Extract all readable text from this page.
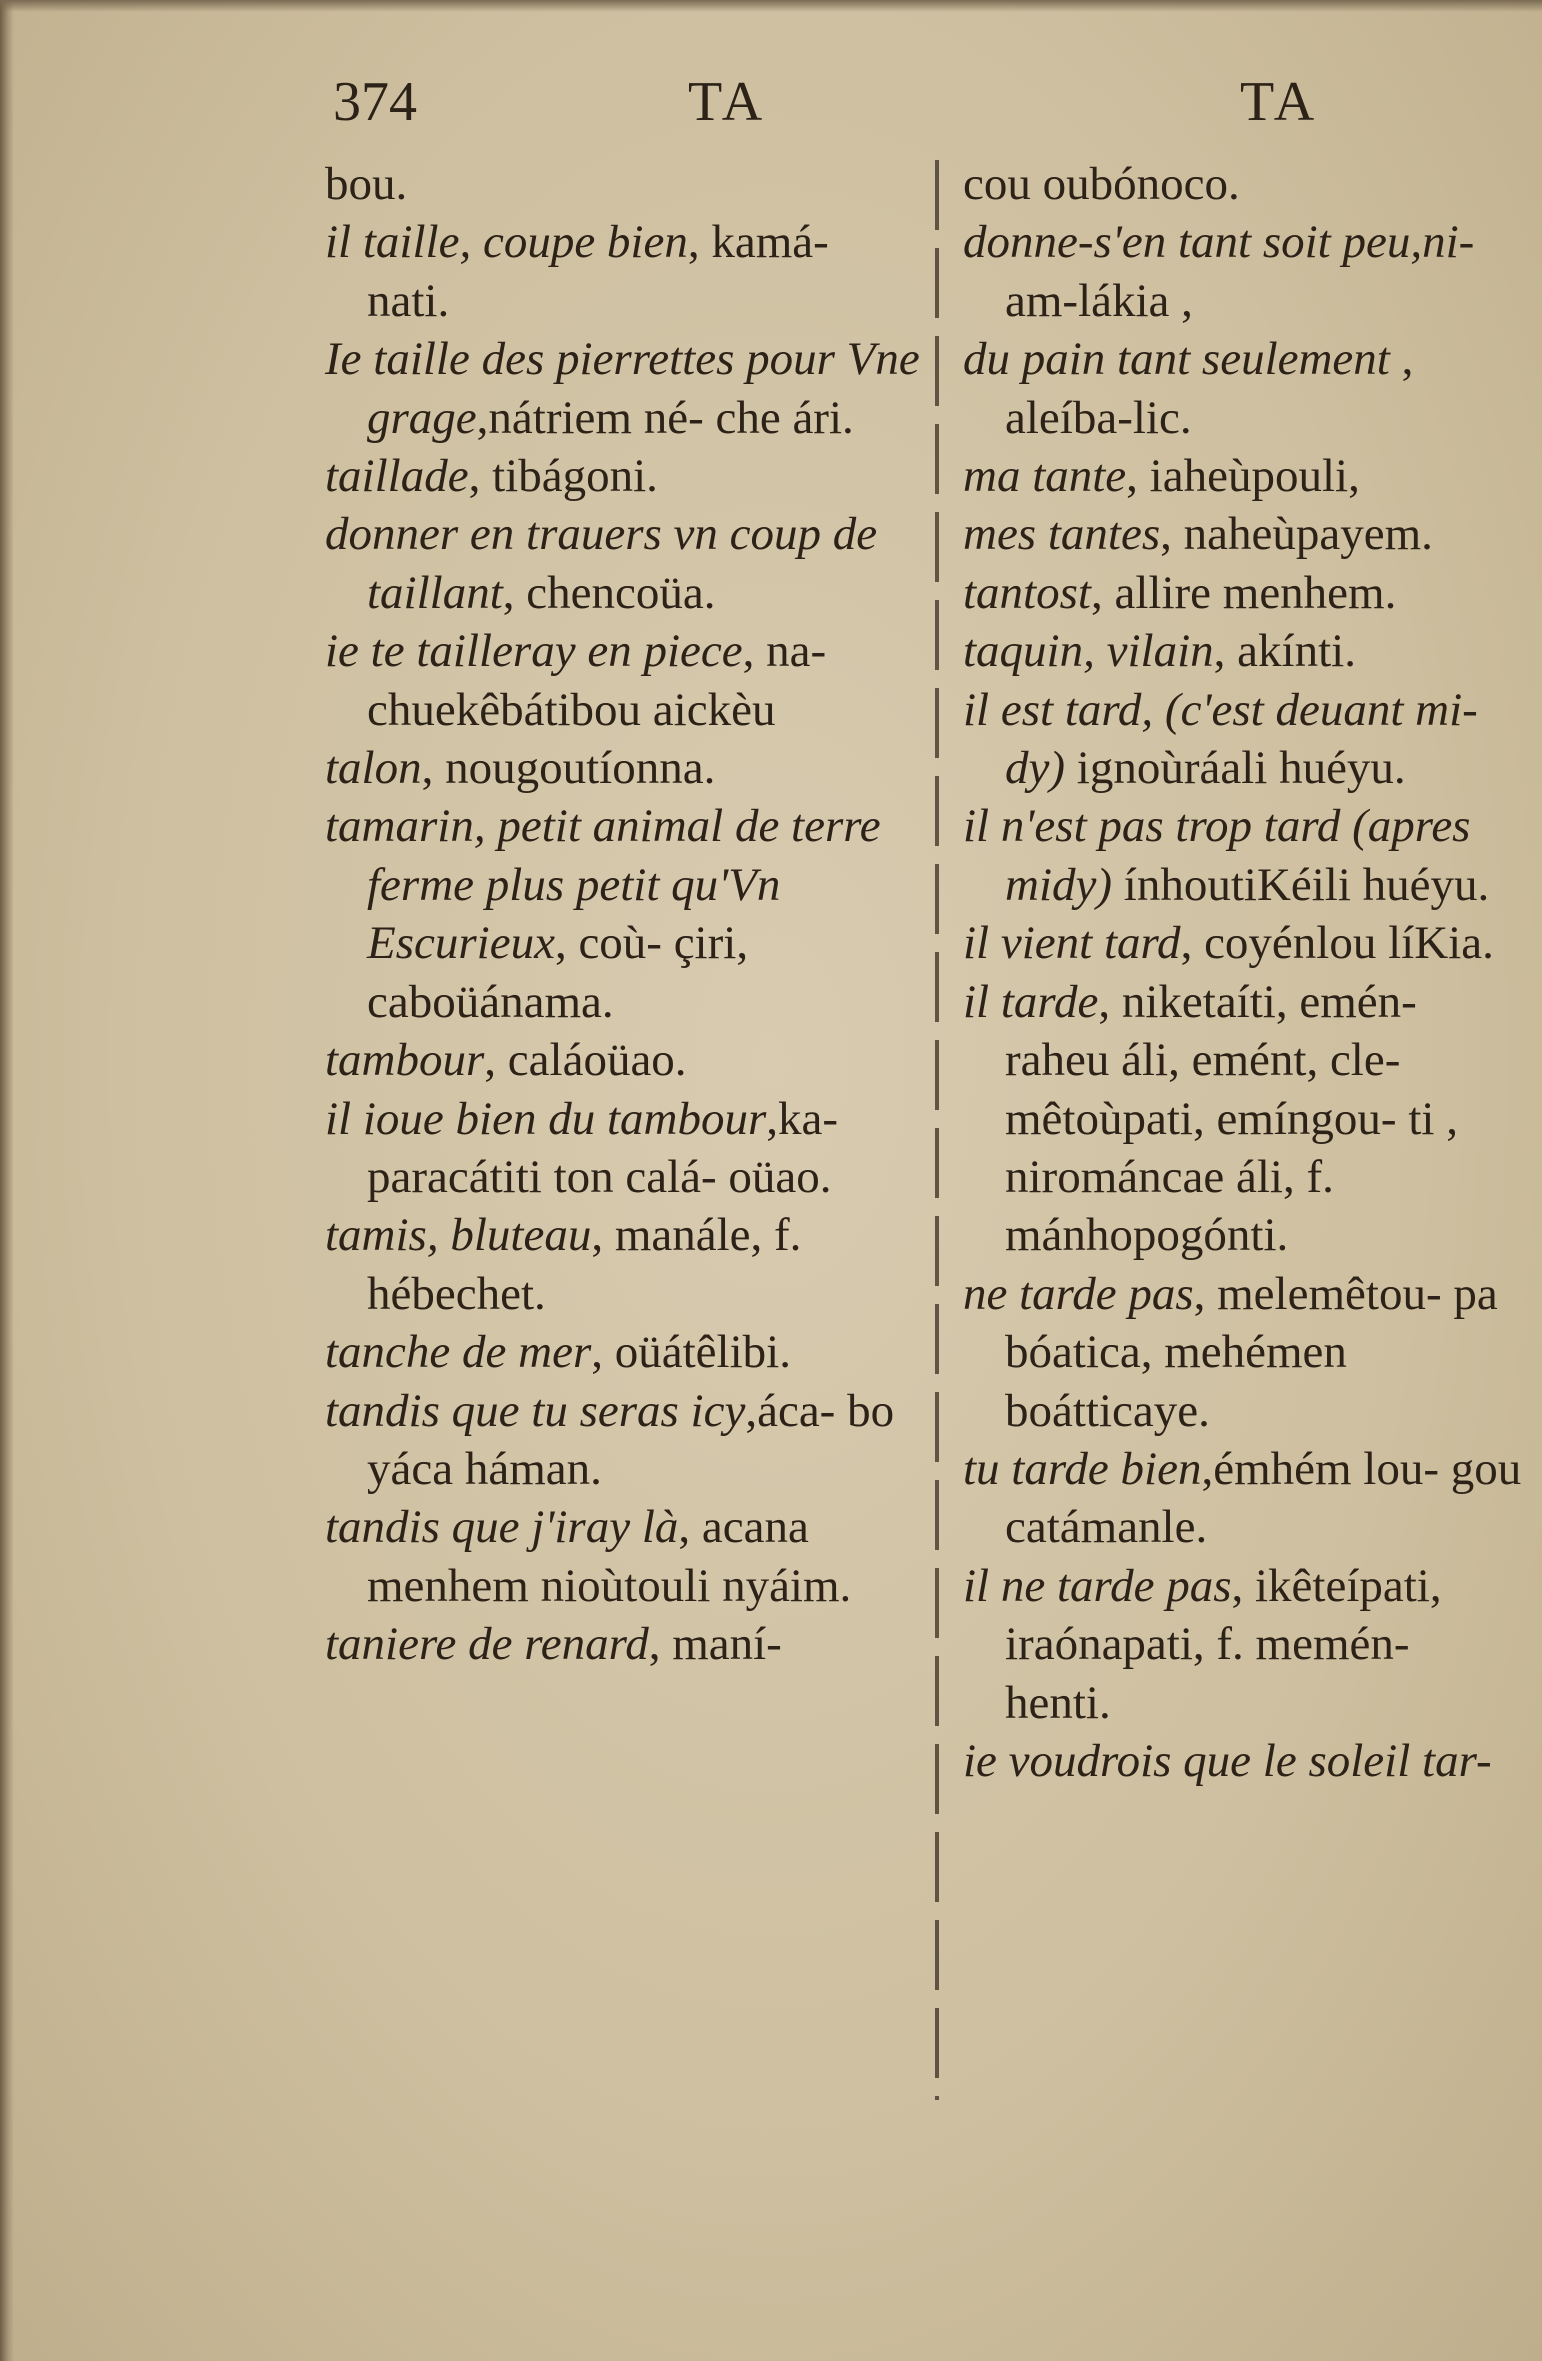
374	TA	TA

bou.

il taille, coupe bien, kamá- nati.

Ie taille des pierrettes pour Vne grage,nátriem né- che ári.

taillade, tibágoni.

donner en trauers vn coup de taillant, chencoüa.

ie te tailleray en piece, na- chuekêbátibou aickèu

talon, nougoutíonna.

tamarin, petit animal de terre ferme plus petit qu'Vn Escurieux, coù- çiri, caboüánama.

tambour, caláoüao.

il ioue bien du tambour,ka- paracátiti ton calá- oüao.

tamis, bluteau, manále, f. hébechet.

tanche de mer, oüátêlibi.

tandis que tu seras icy,áca- bo yáca háman.

tandis que j'iray là, acana menhem nioùtouli nyáim.

taniere de renard, maní-

cou oubónoco.

donne-s'en tant soit peu,ni- am-lákia ,

du pain tant seulement , aleíba-lic.

ma tante, iaheùpouli,

mes tantes, naheùpayem.

tantost, allire menhem.

taquin, vilain, akínti.

il est tard, (c'est deuant mi- dy) ignoùráali huéyu.

il n'est pas trop tard (apres midy) ínhoutiKéili huéyu.

il vient tard, coyénlou líKia.

il tarde, niketaíti, emén- raheu áli, emént, cle- mêtoùpati, emíngou- ti , nirománcae áli, f. mánhopogónti.

ne tarde pas, melemêtou- pa bóatica, mehémen boátticaye.

tu tarde bien,émhém lou- gou catámanle.

il ne tarde pas, ikêteípati, iraónapati, f. memén- henti.

ie voudrois que le soleil tar-
